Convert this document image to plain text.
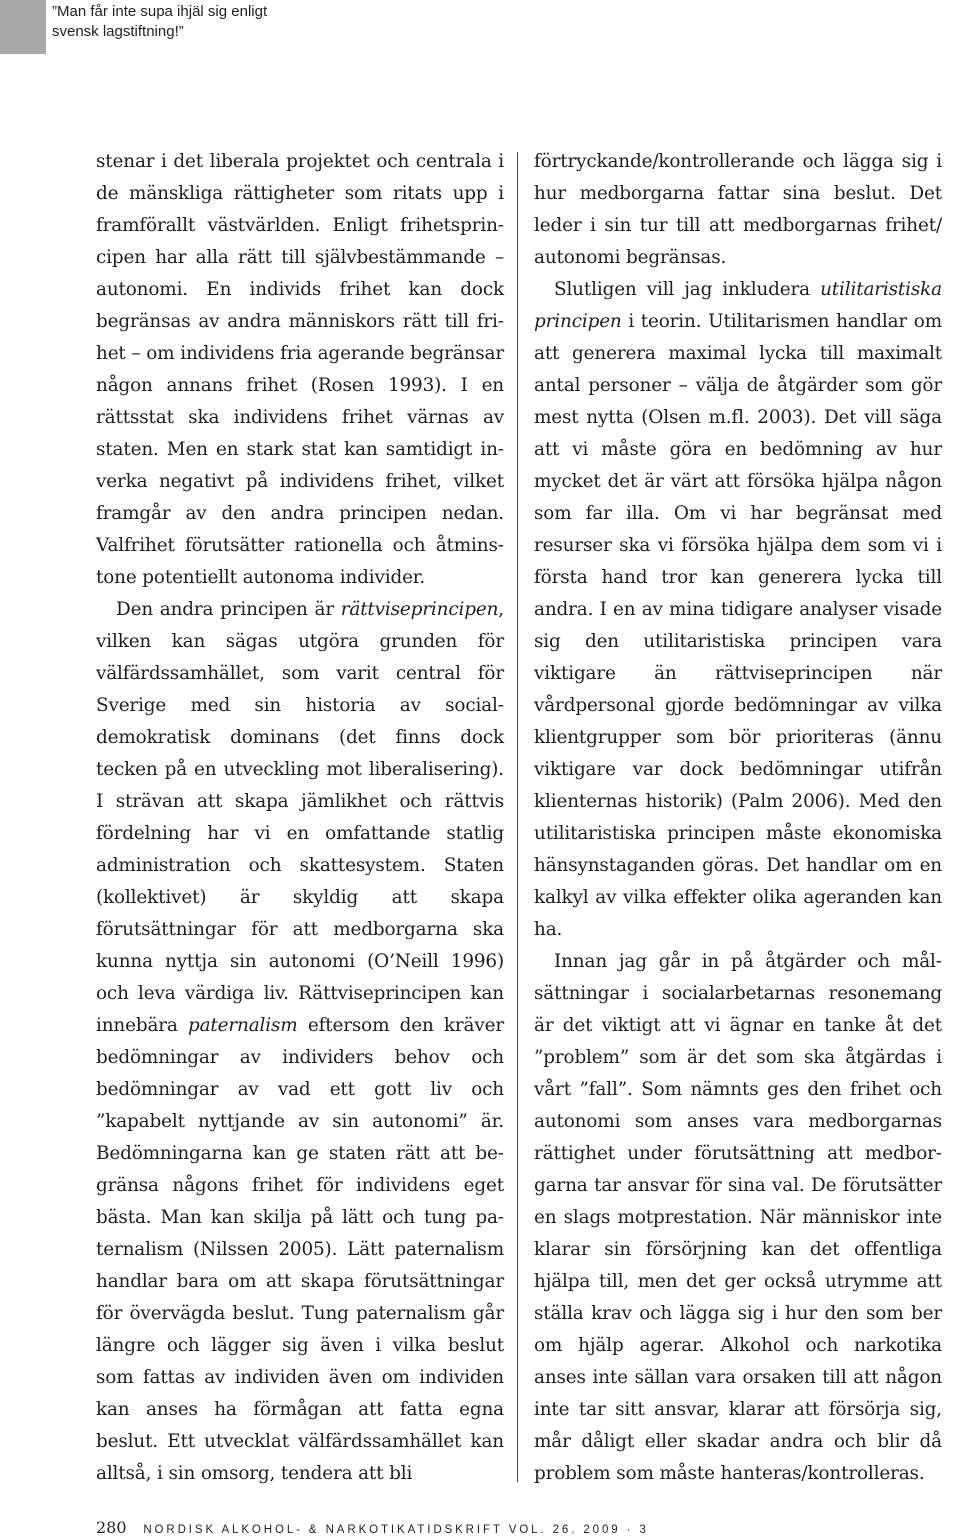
”Man får inte supa ihjäl sig enligt svensk lagstiftning!”

stenar i det liberala projektet och centrala i de mänskliga rättigheter som ritats upp i framförallt västvärlden. Enligt frihetsprincipen har alla rätt till självbestämmande – autonomi. En individs frihet kan dock begränsas av andra människors rätt till frihet – om individens fria agerande begränsar någon annans frihet (Rosen 1993). I en rättsstat ska individens frihet värnas av staten. Men en stark stat kan samtidigt inverka negativt på individens frihet, vilket framgår av den andra principen nedan. Valfrihet förutsätter rationella och åtminstone potentiellt autonoma individer.

Den andra principen är rättviseprincipen, vilken kan sägas utgöra grunden för välfärdssamhället, som varit central för Sverige med sin historia av socialdemokratisk dominans (det finns dock tecken på en utveckling mot liberalisering). I strävan att skapa jämlikhet och rättvis fördelning har vi en omfattande statlig administration och skattesystem. Staten (kollektivet) är skyldig att skapa förutsättningar för att medborgarna ska kunna nyttja sin autonomi (O’Neill 1996) och leva värdiga liv. Rättviseprincipen kan innebära paternalism eftersom den kräver bedömningar av individers behov och bedömningar av vad ett gott liv och ”kapabelt nyttjande av sin autonomi” är. Bedömningarna kan ge staten rätt att begränsa någons frihet för individens eget bästa. Man kan skilja på lätt och tung paternalism (Nilssen 2005). Lätt paternalism handlar bara om att skapa förutsättningar för övervägda beslut. Tung paternalism går längre och lägger sig även i vilka beslut som fattas av individen även om individen kan anses ha förmågan att fatta egna beslut. Ett utvecklat välfärdssamhället kan alltså, i sin omsorg, tendera att bli

förtryckande/kontrollerande och lägga sig i hur medborgarna fattar sina beslut. Det leder i sin tur till att medborgarnas frihet/ autonomi begränsas.

Slutligen vill jag inkludera utilitaristiska principen i teorin. Utilitarismen handlar om att generera maximal lycka till maximalt antal personer – välja de åtgärder som gör mest nytta (Olsen m.fl. 2003). Det vill säga att vi måste göra en bedömning av hur mycket det är värt att försöka hjälpa någon som far illa. Om vi har begränsat med resurser ska vi försöka hjälpa dem som vi i första hand tror kan generera lycka till andra. I en av mina tidigare analyser visade sig den utilitaristiska principen vara viktigare än rättviseprincipen när vårdpersonal gjorde bedömningar av vilka klientgrupper som bör prioriteras (ännu viktigare var dock bedömningar utifrån klienternas historik) (Palm 2006). Med den utilitaristiska principen måste ekonomiska hänsynstaganden göras. Det handlar om en kalkyl av vilka effekter olika ageranden kan ha.

Innan jag går in på åtgärder och målsättningar i socialarbetarnas resonemang är det viktigt att vi ägnar en tanke åt det ”problem” som är det som ska åtgärdas i vårt ”fall”. Som nämnts ges den frihet och autonomi som anses vara medborgarnas rättighet under förutsättning att medborgarna tar ansvar för sina val. De förutsätter en slags motprestation. När människor inte klarar sin försörjning kan det offentliga hjälpa till, men det ger också utrymme att ställa krav och lägga sig i hur den som ber om hjälp agerar. Alkohol och narkotika anses inte sällan vara orsaken till att någon inte tar sitt ansvar, klarar att försörja sig, mår dåligt eller skadar andra och blir då problem som måste hanteras/kontrolleras.

280 NORDISK ALKOHOL- & NARKOTIKATIDSKRIFT VOL. 26. 2009 · 3
